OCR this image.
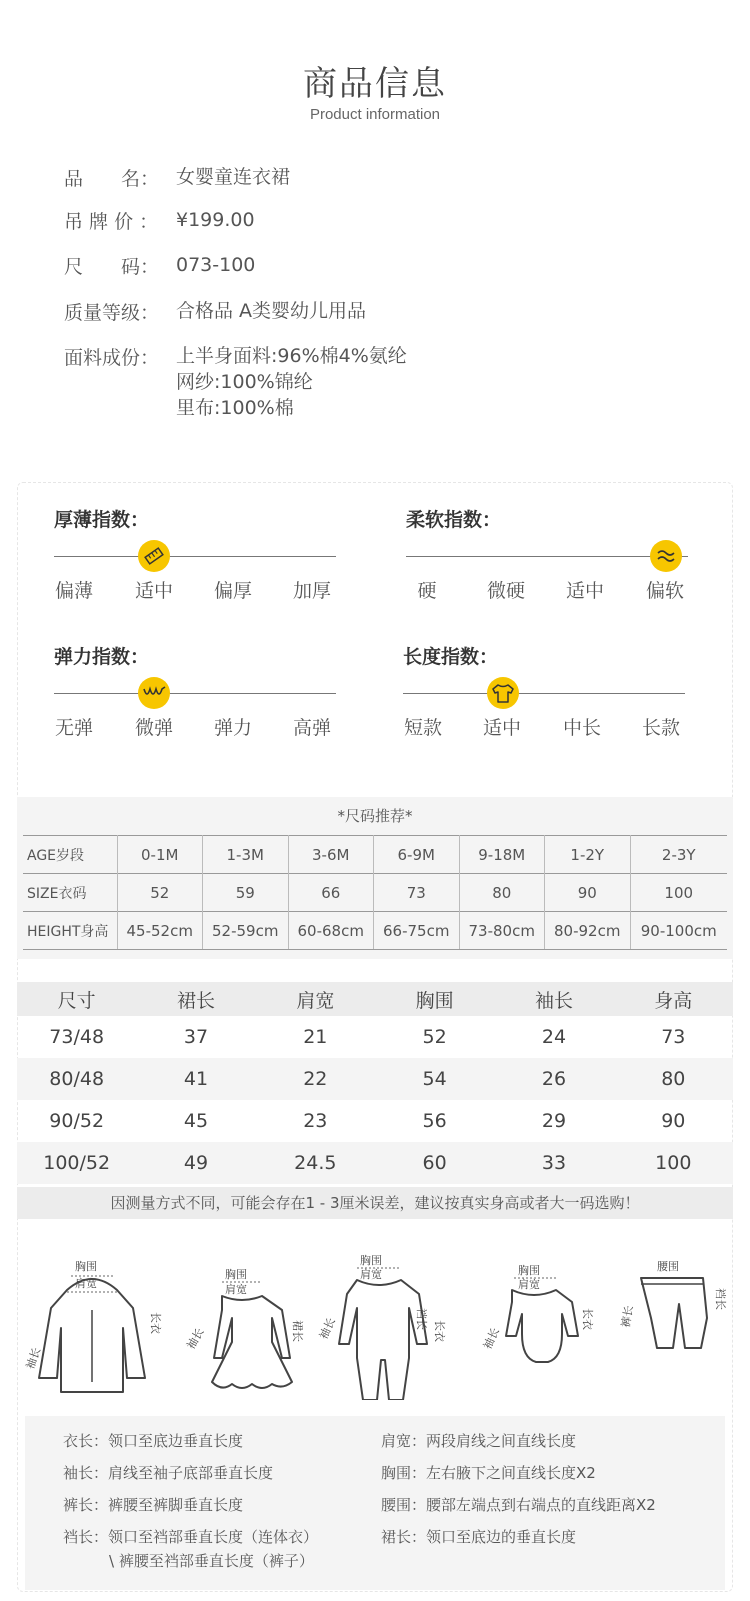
商品信息
Product information
品　　名： 女婴童连衣裙
吊 牌 价 ： ¥199.00
尺　　码： 073-100
质量等级： 合格品 A类婴幼儿用品
面料成份： 上半身面料:96%棉4%氨纶
网纱:100%锦纶
里布:100%棉
厚薄指数：
偏薄	适中	偏厚	加厚
柔软指数：
硬	微硬	适中	偏软
弹力指数：
无弹	微弹	弹力	高弹
长度指数：
短款	适中	中长	长款
*尺码推荐*
AGE岁段	0-1M	1-3M	3-6M	6-9M	9-18M	1-2Y	2-3Y
SIZE衣码	52	59	66	73	80	90	100
HEIGHT身高	45-52cm	52-59cm	60-68cm	66-75cm	73-80cm	80-92cm	90-100cm
尺寸	裙长	肩宽	胸围	袖长	身高
73/48	37	21	52	24	73
80/48	41	22	54	26	80
90/52	45	23	56	29	90
100/52	49	24.5	60	33	100
因测量方式不同，可能会存在1 - 3厘米误差，建议按真实身高或者大一码选购！
胸围
肩宽
袖长
长衣
胸围
肩宽
袖长	裙长
胸围
肩宽
袖长	裆长
长衣
胸围
肩宽
袖长
长衣
腰围
裤长
裆长
衣长：领口至底边垂直长度	肩宽：两段肩线之间直线长度
袖长：肩线至袖子底部垂直长度	胸围：左右腋下之间直线长度X2
裤长：裤腰至裤脚垂直长度	腰围：腰部左端点到右端点的直线距离X2
裆长：领口至裆部垂直长度（连体衣）	裙长：领口至底边的垂直长度
\ 裤腰至裆部垂直长度（裤子）
